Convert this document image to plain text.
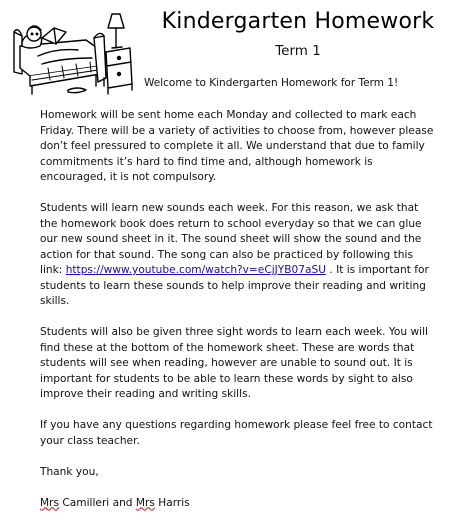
Kindergarten Homework
Term 1
Welcome to Kindergarten Homework for Term 1!

Homework will be sent home each Monday and collected to mark each Friday. There will be a variety of activities to choose from, however please don’t feel pressured to complete it all. We understand that due to family commitments it’s hard to find time and, although homework is encouraged, it is not compulsory.

Students will learn new sounds each week. For this reason, we ask that the homework book does return to school everyday so that we can glue our new sound sheet in it. The sound sheet will show the sound and the action for that sound. The song can also be practiced by following this link: https://www.youtube.com/watch?v=eCjJYB07aSU . It is important for students to learn these sounds to help improve their reading and writing skills.

Students will also be given three sight words to learn each week. You will find these at the bottom of the homework sheet. These are words that students will see when reading, however are unable to sound out. It is important for students to be able to learn these words by sight to also improve their reading and writing skills.

If you have any questions regarding homework please feel free to contact your class teacher.

Thank you,

Mrs Camilleri and Mrs Harris
